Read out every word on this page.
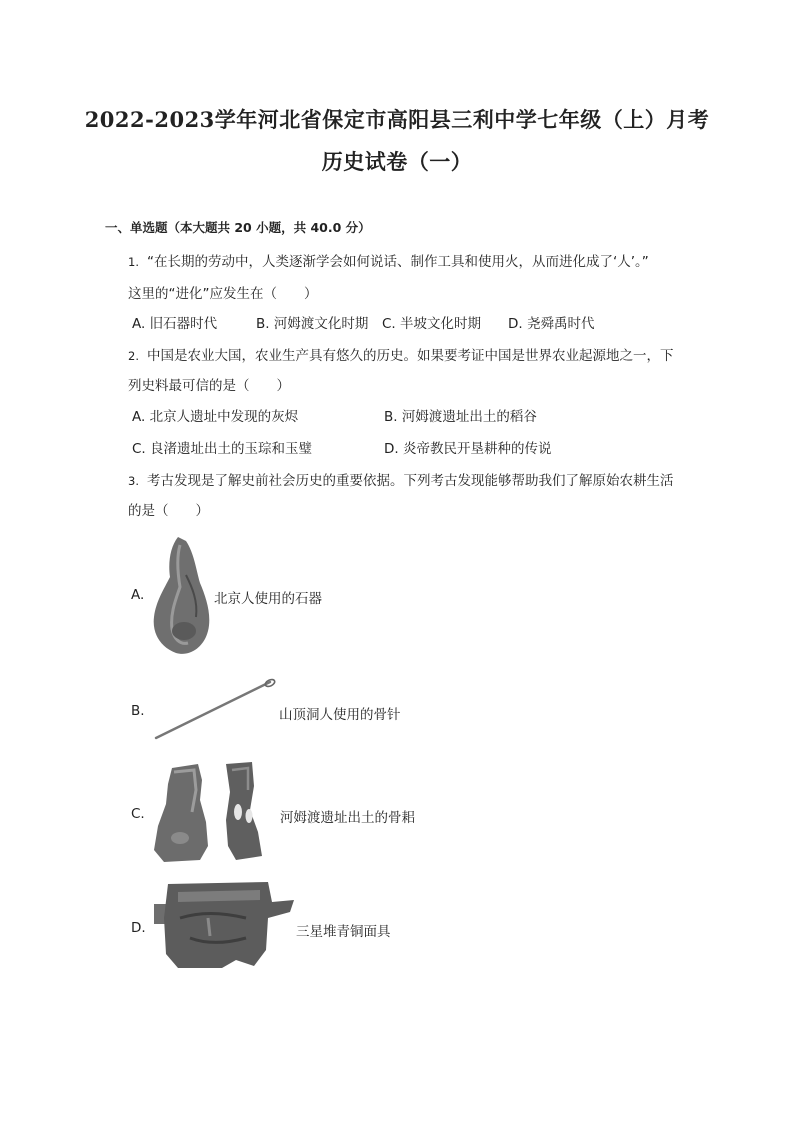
2022-2023学年河北省保定市高阳县三利中学七年级（上）月考
历史试卷（一）
一、单选题（本大题共 20 小题，共 40.0 分）
1. “在长期的劳动中，人类逐渐学会如何说话、制作工具和使用火，从而进化成了‘人’。”
这里的“进化”应发生在（　　）
A. 旧石器时代	B. 河姆渡文化时期 C. 半坡文化时期 D. 尧舜禹时代
2. 中国是农业大国，农业生产具有悠久的历史。如果要考证中国是世界农业起源地之一，下
列史料最可信的是（　　）
A. 北京人遗址中发现的灰烬	B. 河姆渡遗址出土的稻谷
C. 良渚遗址出土的玉琮和玉璧	D. 炎帝教民开垦耕种的传说
3. 考古发现是了解史前社会历史的重要依据。下列考古发现能够帮助我们了解原始农耕生活
的是（　　）
A.	北京人使用的石器
B.	山顶洞人使用的骨针
C.	河姆渡遗址出土的骨耜
D.	三星堆青铜面具
